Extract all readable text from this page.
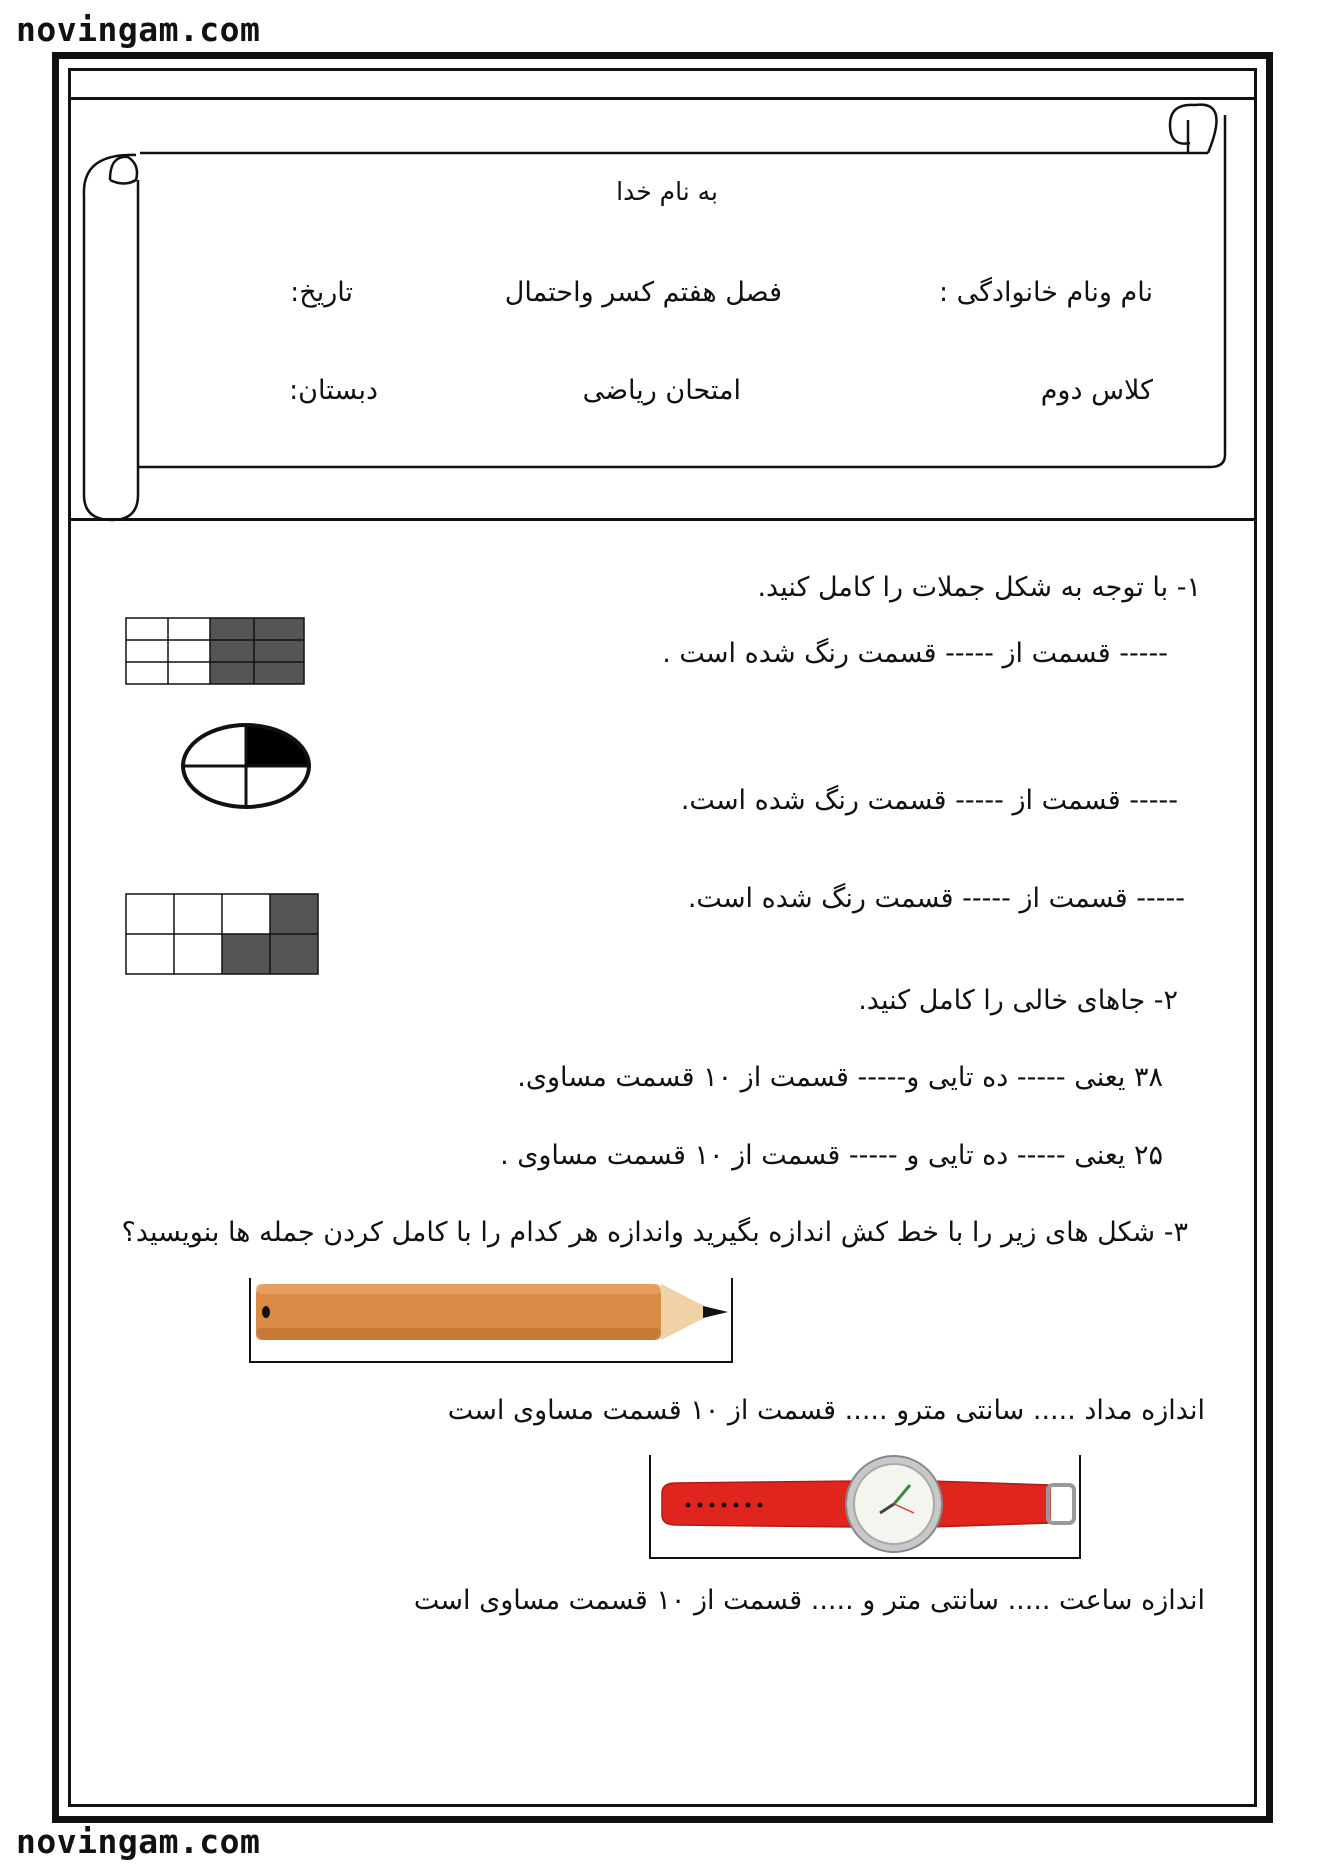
novingam.com
novingam.com
به نام خدا
نام ونام خانوادگی :
فصل هفتم کسر واحتمال
تاریخ:
کلاس دوم
امتحان ریاضی
دبستان:
۱- با توجه به شکل جملات را کامل کنید.
----- قسمت از ----- قسمت رنگ شده است .
----- قسمت از ----- قسمت رنگ شده است.
----- قسمت از ----- قسمت رنگ شده است.
۲- جاهای خالی را کامل کنید.
۳۸ یعنی ----- ده تایی و----- قسمت از ۱۰ قسمت مساوی.
۲۵ یعنی ----- ده تایی و ----- قسمت از ۱۰ قسمت مساوی .
۳- شکل های زیر را با خط کش اندازه بگیرید واندازه هر کدام را با کامل کردن جمله ها بنویسید؟
اندازه مداد ..... سانتی مترو ..... قسمت از ۱۰ قسمت مساوی است
اندازه ساعت ..... سانتی متر و ..... قسمت از ۱۰ قسمت مساوی است
